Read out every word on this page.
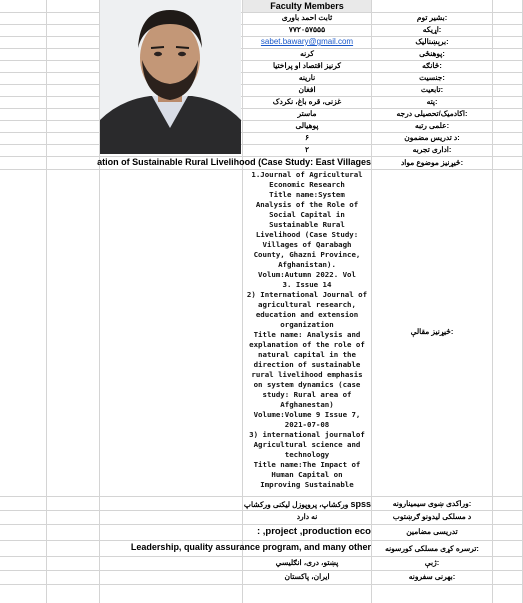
Faculty Members
ثابت احمد باوری	بشیر توم:
۷۷۲۰۵۷۵۵۵	اړیکه:
sabet.bawary@gmail.com	برېښنالیک:
کرنه	پوهنځی:
کرنیز اقتصاد او پراختیا	څانګه:
نارینه	جنسیت:
افغان	تابعیت:
غزنی، قره باغ، نکردک	پته:
ماستر	اکادمیک/تحصیلی درجه:
پوهیالی	علمی رتبه:
۶	د تدریس مضمون:
۲	اداری تجربه:
ation of Sustainable Rural Livelihood (Case Study: East Villages	څیړنیز موضوع مواد:
1.Journal of Agricultural
Economic Research
Title name:System
Analysis of the Role of
Social Capital in
Sustainable Rural
Livelihood (Case Study:
Villages of Qarabagh
County, Ghazni Province,
Afghanistan).
Volum:Autumn 2022. Vol
3. Issue 14
2) International Journal of
agricultural research,
education and extension
organization
Title name: Analysis and
explanation of the role of
natural capital in the
direction of sustainable
rural livelihood emphasis
on system dynamics (case
study: Rural area of
Afghanestan)
Volume:Volume 9 Issue 7,
2021-07-08
3) international journalof
Agricultural science and
technology
Title name:The Impact of
Human Capital on
Improving Sustainable
څیړنیز مقالې:
ورکشاپ، پروپوزل لیکنی ورکشاپ spss	وراکدی ښوی سیمینارونه:
نه دارد	د مسلکی لیدونو ګرښتوب
: ,project ,production eco	تدریسی مضامین
Leadership, quality assurance program, and many other	ترسره کړی مسلکی کورسونه:
پښتو، دری، انګلیسي	ژبې:
ایران، پاکستان	بهرنی سفرونه:
